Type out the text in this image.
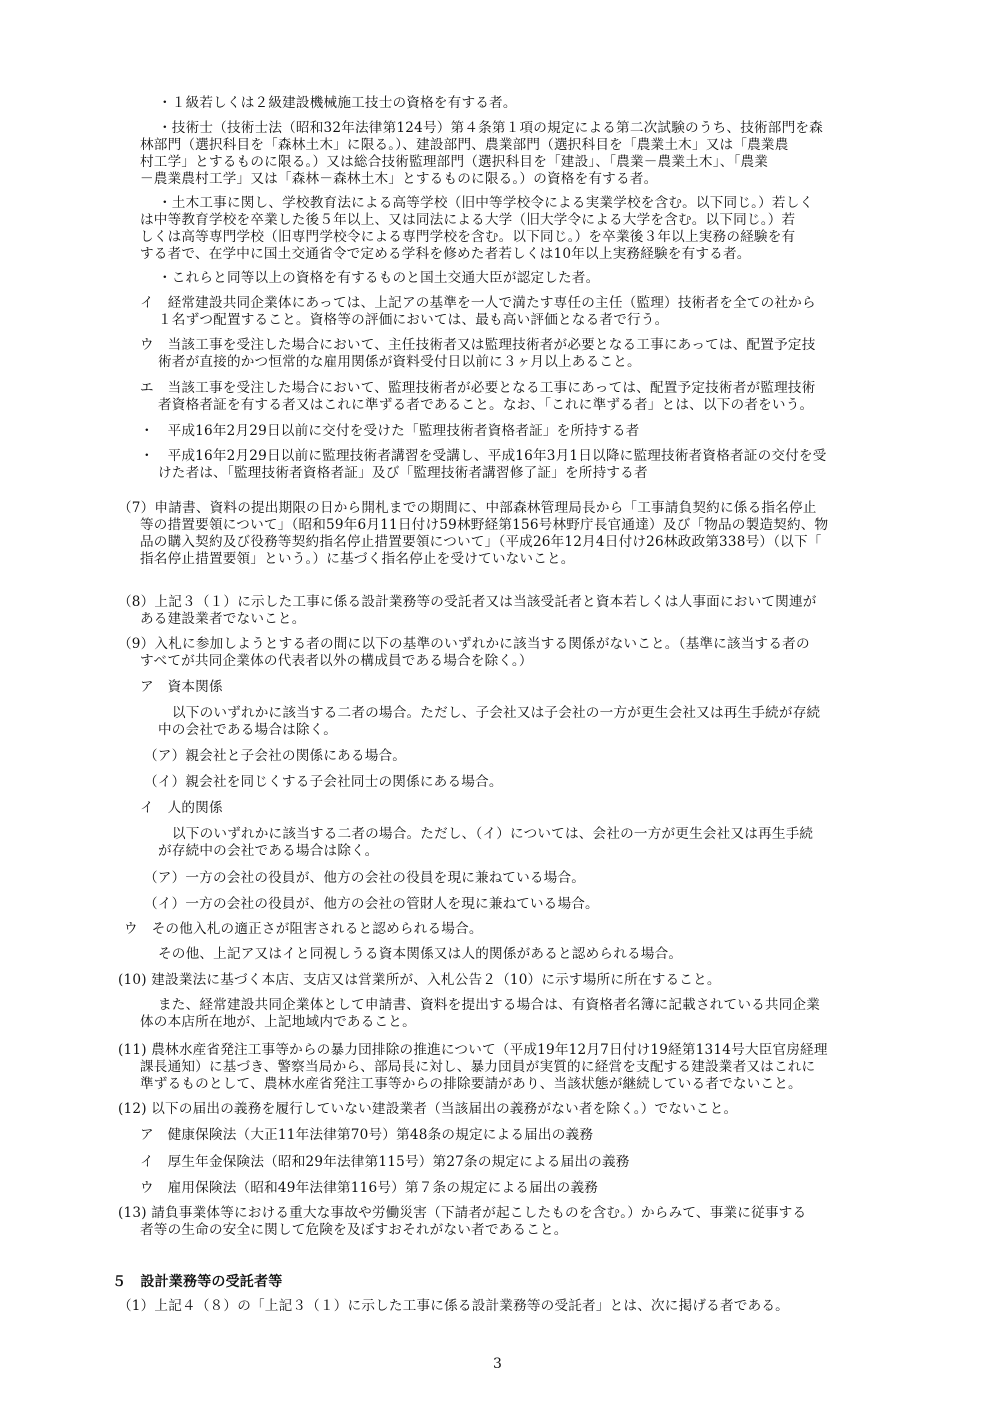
・１級若しくは２級建設機械施工技士の資格を有する者。
・技術士（技術士法（昭和32年法律第124号）第４条第１項の規定による第二次試験のうち、技術部門を森
林部門（選択科目を「森林土木」に限る。）、建設部門、農業部門（選択科目を「農業土木」又は「農業農
村工学」とするものに限る。）又は総合技術監理部門（選択科目を「建設」、「農業－農業土木」、「農業
－農業農村工学」又は「森林－森林土木」とするものに限る。）の資格を有する者。
・土木工事に関し、学校教育法による高等学校（旧中等学校令による実業学校を含む。以下同じ。）若しく
は中等教育学校を卒業した後５年以上、又は同法による大学（旧大学令による大学を含む。以下同じ。）若
しくは高等専門学校（旧専門学校令による専門学校を含む。以下同じ。）を卒業後３年以上実務の経験を有
する者で、在学中に国土交通省令で定める学科を修めた者若しくは10年以上実務経験を有する者。
・これらと同等以上の資格を有するものと国土交通大臣が認定した者。
イ　経常建設共同企業体にあっては、上記アの基準を一人で満たす専任の主任（監理）技術者を全ての社から
１名ずつ配置すること。資格等の評価においては、最も高い評価となる者で行う。
ウ　当該工事を受注した場合において、主任技術者又は監理技術者が必要となる工事にあっては、配置予定技
術者が直接的かつ恒常的な雇用関係が資料受付日以前に３ヶ月以上あること。
エ　当該工事を受注した場合において、監理技術者が必要となる工事にあっては、配置予定技術者が監理技術
者資格者証を有する者又はこれに準ずる者であること。なお、「これに準ずる者」とは、以下の者をいう。
・　平成16年2月29日以前に交付を受けた「監理技術者資格者証」を所持する者
・　平成16年2月29日以前に監理技術者講習を受講し、平成16年3月1日以降に監理技術者資格者証の交付を受
けた者は、「監理技術者資格者証」及び「監理技術者講習修了証」を所持する者
（7）申請書、資料の提出期限の日から開札までの期間に、中部森林管理局長から「工事請負契約に係る指名停止
等の措置要領について」（昭和59年6月11日付け59林野経第156号林野庁長官通達）及び「物品の製造契約、物
品の購入契約及び役務等契約指名停止措置要領について」（平成26年12月4日付け26林政政第338号）（以下「
指名停止措置要領」という。）に基づく指名停止を受けていないこと。
（8）上記３（１）に示した工事に係る設計業務等の受託者又は当該受託者と資本若しくは人事面において関連が
ある建設業者でないこと。
（9）入札に参加しようとする者の間に以下の基準のいずれかに該当する関係がないこと。（基準に該当する者の
すべてが共同企業体の代表者以外の構成員である場合を除く。）
ア　資本関係
以下のいずれかに該当する二者の場合。ただし、子会社又は子会社の一方が更生会社又は再生手続が存続
中の会社である場合は除く。
（ア）親会社と子会社の関係にある場合。
（イ）親会社を同じくする子会社同士の関係にある場合。
イ　人的関係
以下のいずれかに該当する二者の場合。ただし、（イ）については、会社の一方が更生会社又は再生手続
が存続中の会社である場合は除く。
（ア）一方の会社の役員が、他方の会社の役員を現に兼ねている場合。
（イ）一方の会社の役員が、他方の会社の管財人を現に兼ねている場合。
ウ　その他入札の適正さが阻害されると認められる場合。
その他、上記ア又はイと同視しうる資本関係又は人的関係があると認められる場合。
(10) 建設業法に基づく本店、支店又は営業所が、入札公告２（10）に示す場所に所在すること。
また、経常建設共同企業体として申請書、資料を提出する場合は、有資格者名簿に記載されている共同企業
体の本店所在地が、上記地域内であること。
(11) 農林水産省発注工事等からの暴力団排除の推進について（平成19年12月7日付け19経第1314号大臣官房経理
課長通知）に基づき、警察当局から、部局長に対し、暴力団員が実質的に経営を支配する建設業者又はこれに
準ずるものとして、農林水産省発注工事等からの排除要請があり、当該状態が継続している者でないこと。
(12) 以下の届出の義務を履行していない建設業者（当該届出の義務がない者を除く。）でないこと。
ア　健康保険法（大正11年法律第70号）第48条の規定による届出の義務
イ　厚生年金保険法（昭和29年法律第115号）第27条の規定による届出の義務
ウ　雇用保険法（昭和49年法律第116号）第７条の規定による届出の義務
(13) 請負事業体等における重大な事故や労働災害（下請者が起こしたものを含む。）からみて、事業に従事する
者等の生命の安全に関して危険を及ぼすおそれがない者であること。
５　設計業務等の受託者等
（1）上記４（８）の「上記３（１）に示した工事に係る設計業務等の受託者」とは、次に掲げる者である。
3
